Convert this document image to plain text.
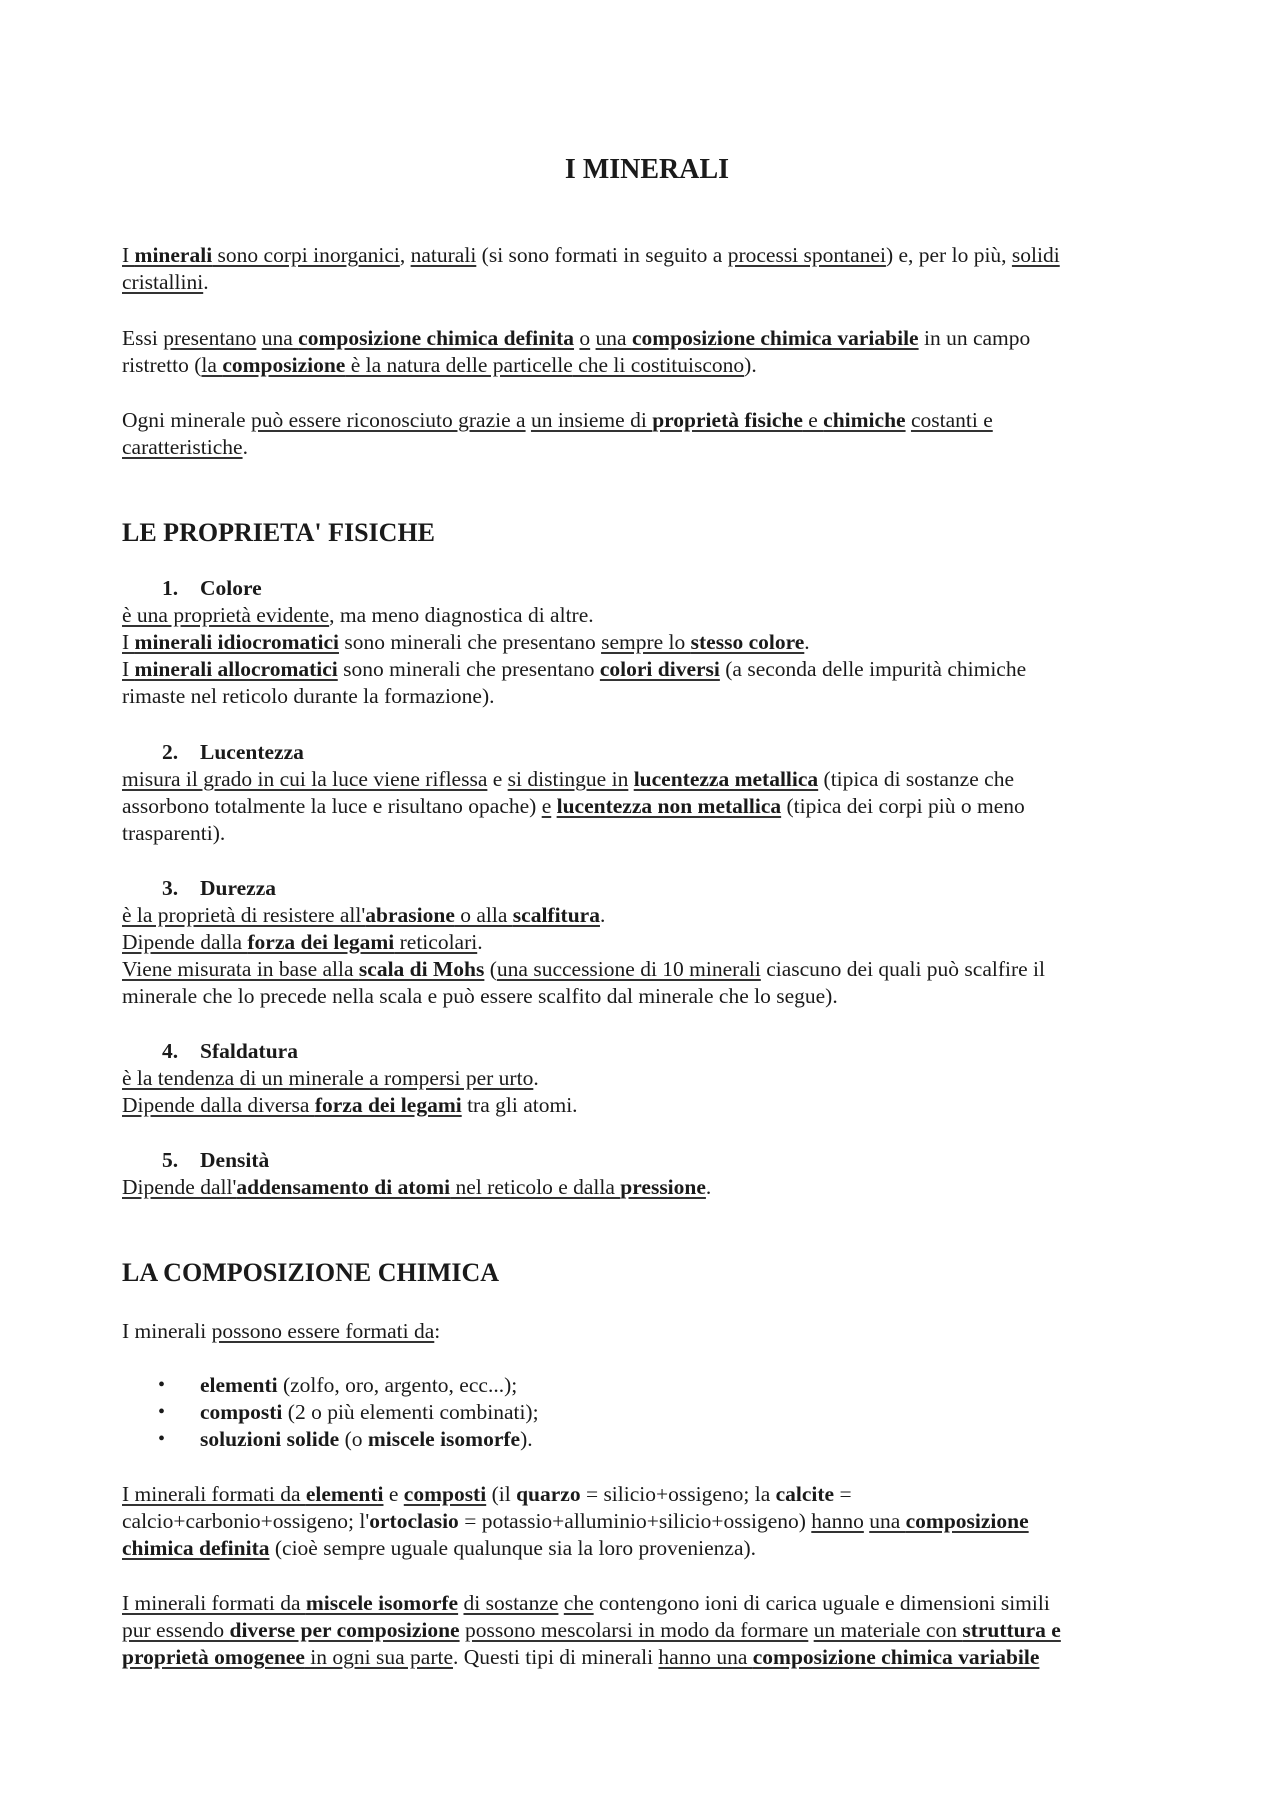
I MINERALI
I minerali sono corpi inorganici, naturali (si sono formati in seguito a processi spontanei) e, per lo più, solidi
cristallini.
Essi presentano una composizione chimica definita o una composizione chimica variabile in un campo
ristretto (la composizione è la natura delle particelle che li costituiscono).
Ogni minerale può essere riconosciuto grazie a un insieme di proprietà fisiche e chimiche costanti e
caratteristiche.
LE PROPRIETA' FISICHE
1. Colore
è una proprietà evidente, ma meno diagnostica di altre.
I minerali idiocromatici sono minerali che presentano sempre lo stesso colore.
I minerali allocromatici sono minerali che presentano colori diversi (a seconda delle impurità chimiche
rimaste nel reticolo durante la formazione).
2. Lucentezza
misura il grado in cui la luce viene riflessa e si distingue in lucentezza metallica (tipica di sostanze che
assorbono totalmente la luce e risultano opache) e lucentezza non metallica (tipica dei corpi più o meno
trasparenti).
3. Durezza
è la proprietà di resistere all'abrasione o alla scalfitura.
Dipende dalla forza dei legami reticolari.
Viene misurata in base alla scala di Mohs (una successione di 10 minerali ciascuno dei quali può scalfire il
minerale che lo precede nella scala e può essere scalfito dal minerale che lo segue).
4. Sfaldatura
è la tendenza di un minerale a rompersi per urto.
Dipende dalla diversa forza dei legami tra gli atomi.
5. Densità
Dipende dall'addensamento di atomi nel reticolo e dalla pressione.
LA COMPOSIZIONE CHIMICA
I minerali possono essere formati da:
• elementi (zolfo, oro, argento, ecc...);
• composti (2 o più elementi combinati);
• soluzioni solide (o miscele isomorfe).
I minerali formati da elementi e composti (il quarzo = silicio+ossigeno; la calcite =
calcio+carbonio+ossigeno; l'ortoclasio = potassio+alluminio+silicio+ossigeno) hanno una composizione
chimica definita (cioè sempre uguale qualunque sia la loro provenienza).
I minerali formati da miscele isomorfe di sostanze che contengono ioni di carica uguale e dimensioni simili
pur essendo diverse per composizione possono mescolarsi in modo da formare un materiale con struttura e
proprietà omogenee in ogni sua parte. Questi tipi di minerali hanno una composizione chimica variabile
